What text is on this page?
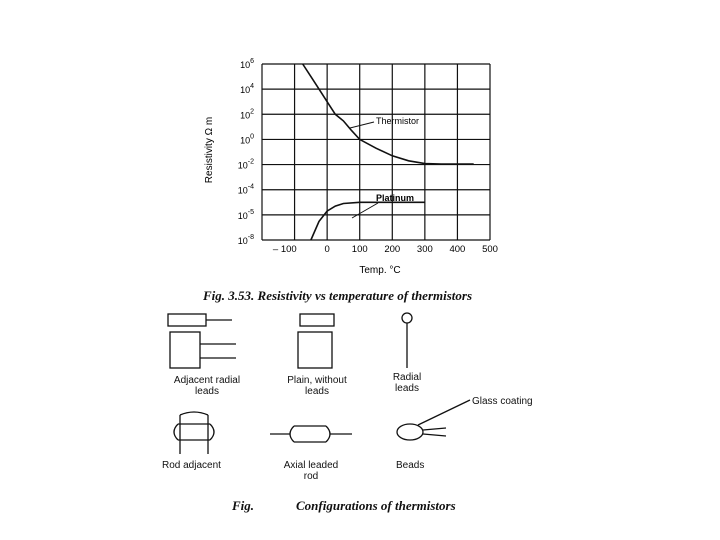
$10^6$
$10^4$
$10^2$
$10^0$
$10^{-2}$
$10^{-4}$
$10^{-5}$
$10^{-8}$
– 100	0 100 200 300 400 500
Resistivity Ω m
Temp. °C
Thermistor
Platinum
Fig. 3.53. Resistivity vs temperature of thermistors
Adjacent radial leads
Plain, without leads
Radial leads
Glass coating
Rod adjacent	Axial leaded rod
Beads
Fig.	Configurations of thermistors
